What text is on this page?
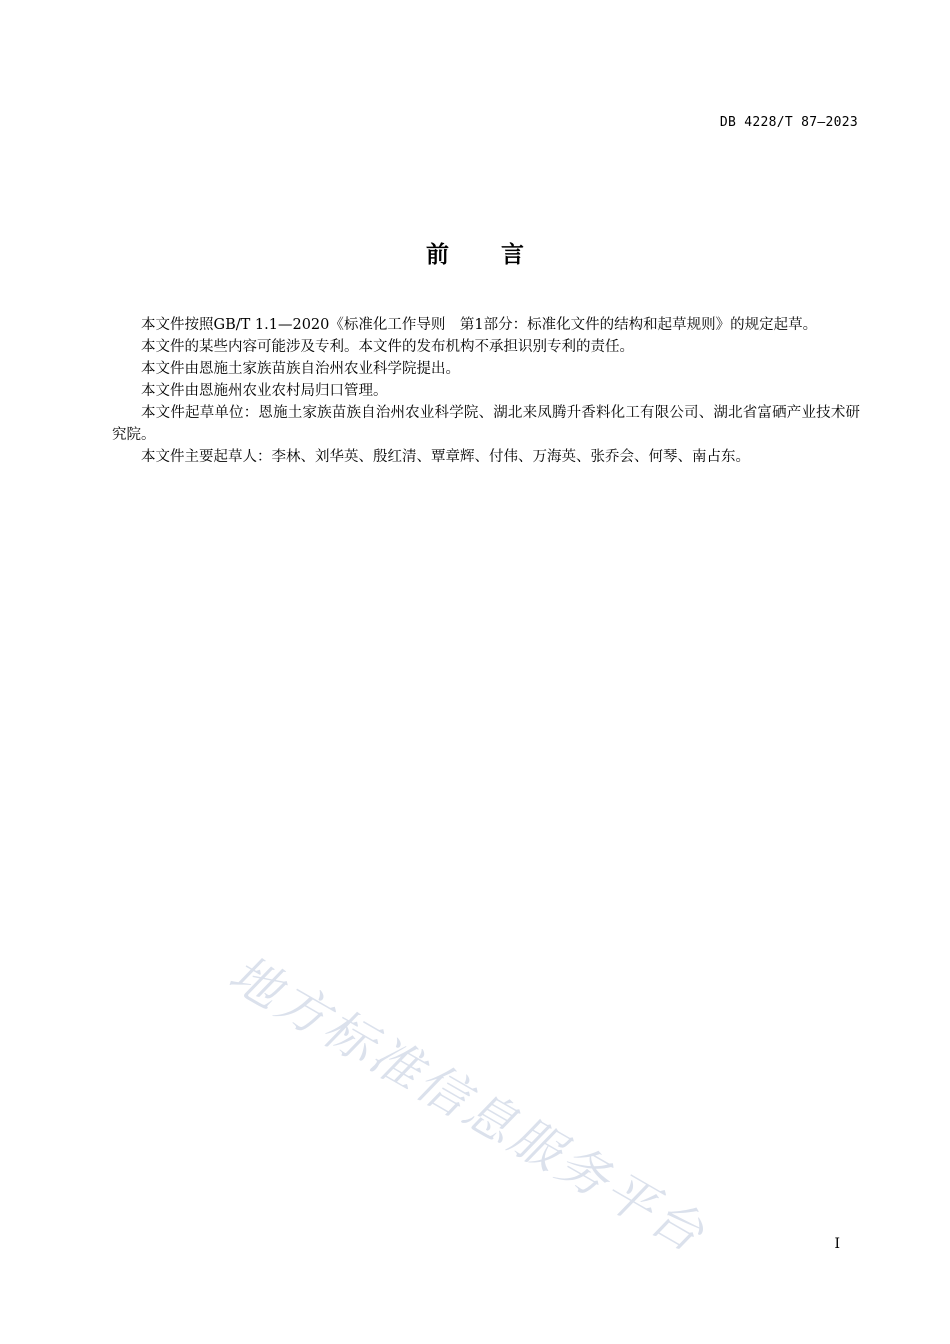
DB 4228/T 87—2023
前言

本文件按照GB/T 1.1—2020《标准化工作导则　第1部分：标准化文件的结构和起草规则》的规定起草。

本文件的某些内容可能涉及专利。本文件的发布机构不承担识别专利的责任。

本文件由恩施土家族苗族自治州农业科学院提出。

本文件由恩施州农业农村局归口管理。

本文件起草单位：恩施土家族苗族自治州农业科学院、湖北来凤腾升香料化工有限公司、湖北省富硒产业技术研究院。

本文件主要起草人：李林、刘华英、殷红清、覃章辉、付伟、万海英、张乔会、何琴、南占东。

地方标准信息服务平台	I
